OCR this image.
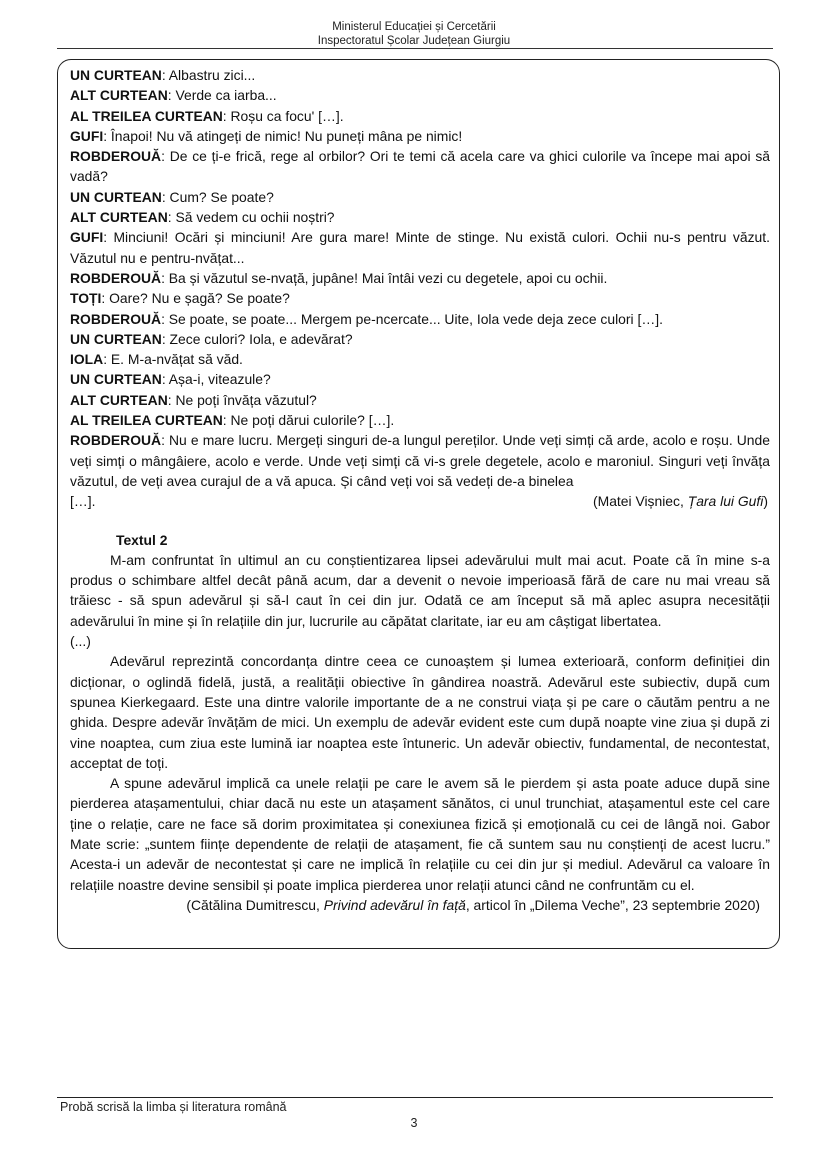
Ministerul Educației și Cercetării
Inspectoratul Școlar Județean Giurgiu

UN CURTEAN: Albastru zici...

ALT CURTEAN: Verde ca iarba...

AL TREILEA CURTEAN: Roșu ca focu' […].

GUFI: Înapoi! Nu vă atingeți de nimic! Nu puneți mâna pe nimic!

ROBDEROUĂ: De ce ți-e frică, rege al orbilor? Ori te temi că acela care va ghici culorile va începe mai apoi să vadă?

UN CURTEAN: Cum? Se poate?

ALT CURTEAN: Să vedem cu ochii noștri?

GUFI: Minciuni! Ocări și minciuni! Are gura mare! Minte de stinge. Nu există culori. Ochii nu-s pentru văzut. Văzutul nu e pentru-nvățat...

ROBDEROUĂ: Ba și văzutul se-nvață, jupâne! Mai întâi vezi cu degetele, apoi cu ochii.

TOȚI: Oare? Nu e șagă? Se poate?

ROBDEROUĂ: Se poate, se poate... Mergem pe-ncercate... Uite, Iola vede deja zece culori […].

UN CURTEAN: Zece culori? Iola, e adevărat?

IOLA: E. M-a-nvățat să văd.

UN CURTEAN: Așa-i, viteazule?

ALT CURTEAN: Ne poți învăța văzutul?

AL TREILEA CURTEAN: Ne poți dărui culorile? […].

ROBDEROUĂ: Nu e mare lucru. Mergeți singuri de-a lungul pereților. Unde veți simți că arde, acolo e roșu. Unde veți simți o mângâiere, acolo e verde. Unde veți simți că vi-s grele degetele, acolo e maroniul. Singuri veți învăța văzutul, de veți avea curajul de a vă apuca. Și când veți voi să vedeți de-a binelea

[…].	(Matei Vișniec, Țara lui Gufi)
Textul 2

M-am confruntat în ultimul an cu conștientizarea lipsei adevărului mult mai acut. Poate că în mine s-a produs o schimbare altfel decât până acum, dar a devenit o nevoie imperioasă fără de care nu mai vreau să trăiesc - să spun adevărul și să-l caut în cei din jur. Odată ce am început să mă aplec asupra necesității adevărului în mine și în relațiile din jur, lucrurile au căpătat claritate, iar eu am câștigat libertatea.

(...)

Adevărul reprezintă concordanța dintre ceea ce cunoaștem și lumea exterioară, conform definiției din dicționar, o oglindă fidelă, justă, a realității obiective în gândirea noastră. Adevărul este subiectiv, după cum spunea Kierkegaard. Este una dintre valorile importante de a ne construi viața și pe care o căutăm pentru a ne ghida. Despre adevăr învățăm de mici. Un exemplu de adevăr evident este cum după noapte vine ziua și după zi vine noaptea, cum ziua este lumină iar noaptea este întuneric. Un adevăr obiectiv, fundamental, de necontestat, acceptat de toți.

A spune adevărul implică ca unele relații pe care le avem să le pierdem și asta poate aduce după sine pierderea atașamentului, chiar dacă nu este un atașament sănătos, ci unul trunchiat, atașamentul este cel care ține o relație, care ne face să dorim proximitatea și conexiunea fizică și emoțională cu cei de lângă noi. Gabor Mate scrie: „suntem ființe dependente de relații de atașament, fie că suntem sau nu conștienți de acest lucru.” Acesta-i un adevăr de necontestat și care ne implică în relațiile cu cei din jur și mediul. Adevărul ca valoare în relațiile noastre devine sensibil și poate implica pierderea unor relații atunci când ne confruntăm cu el.

(Cătălina Dumitrescu, Privind adevărul în față, articol în „Dilema Veche”, 23 septembrie 2020)

Probă scrisă la limba și literatura română
3
